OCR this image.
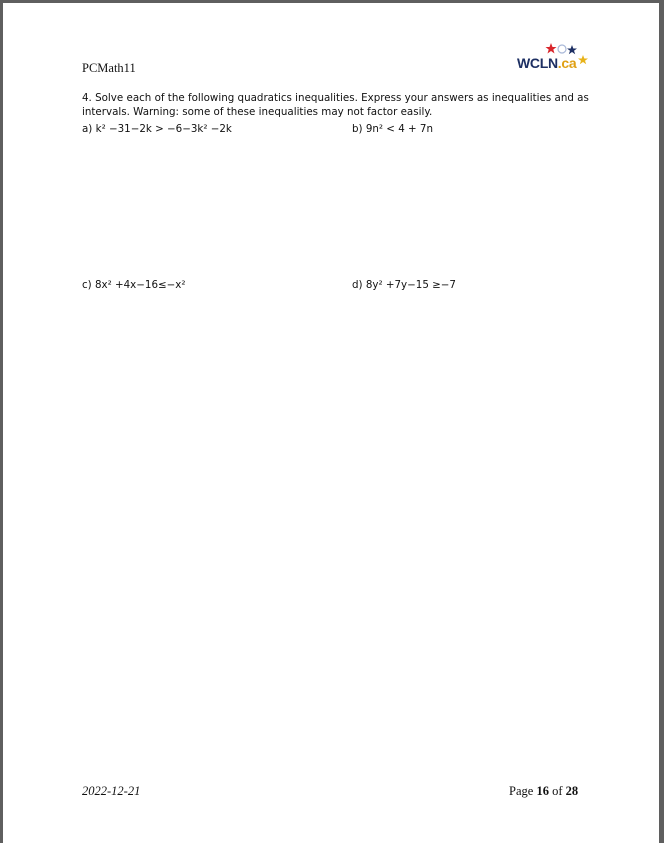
PCMath11	WCLN.ca
4. Solve each of the following quadratics inequalities. Express your answers as inequalities and as intervals. Warning: some of these inequalities may not factor easily.
a) k² −31−2k > −6−3k² −2k	b) 9n² < 4 + 7n
c) 8x² +4x−16≤−x²	d) 8y² +7y−15 ≥−7
2022-12-21	Page 16 of 28
